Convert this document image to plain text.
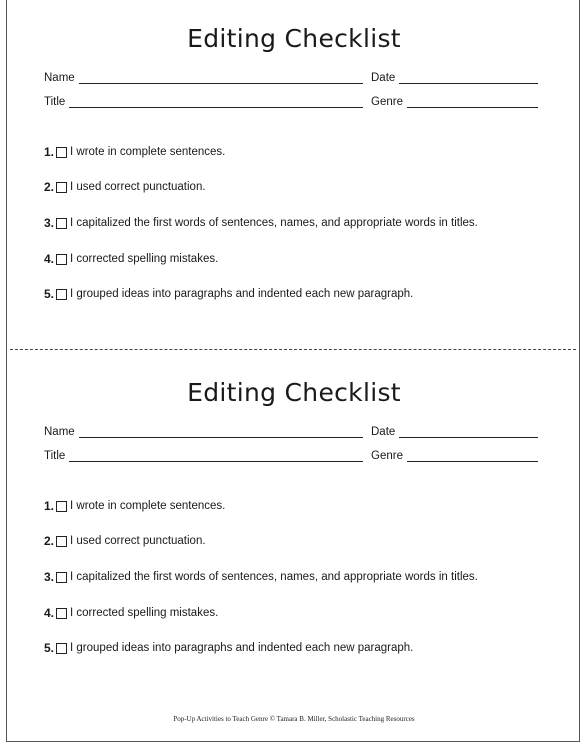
Editing Checklist
Name	Date
Title	Genre
1. I wrote in complete sentences.
2. I used correct punctuation.
3. I capitalized the first words of sentences, names, and appropriate words in titles.
4. I corrected spelling mistakes.
5. I grouped ideas into paragraphs and indented each new paragraph.
Editing Checklist
Name	Date
Title	Genre
1. I wrote in complete sentences.
2. I used correct punctuation.
3. I capitalized the first words of sentences, names, and appropriate words in titles.
4. I corrected spelling mistakes.
5. I grouped ideas into paragraphs and indented each new paragraph.
Pop-Up Activities to Teach Genre © Tamara B. Miller, Scholastic Teaching Resources
